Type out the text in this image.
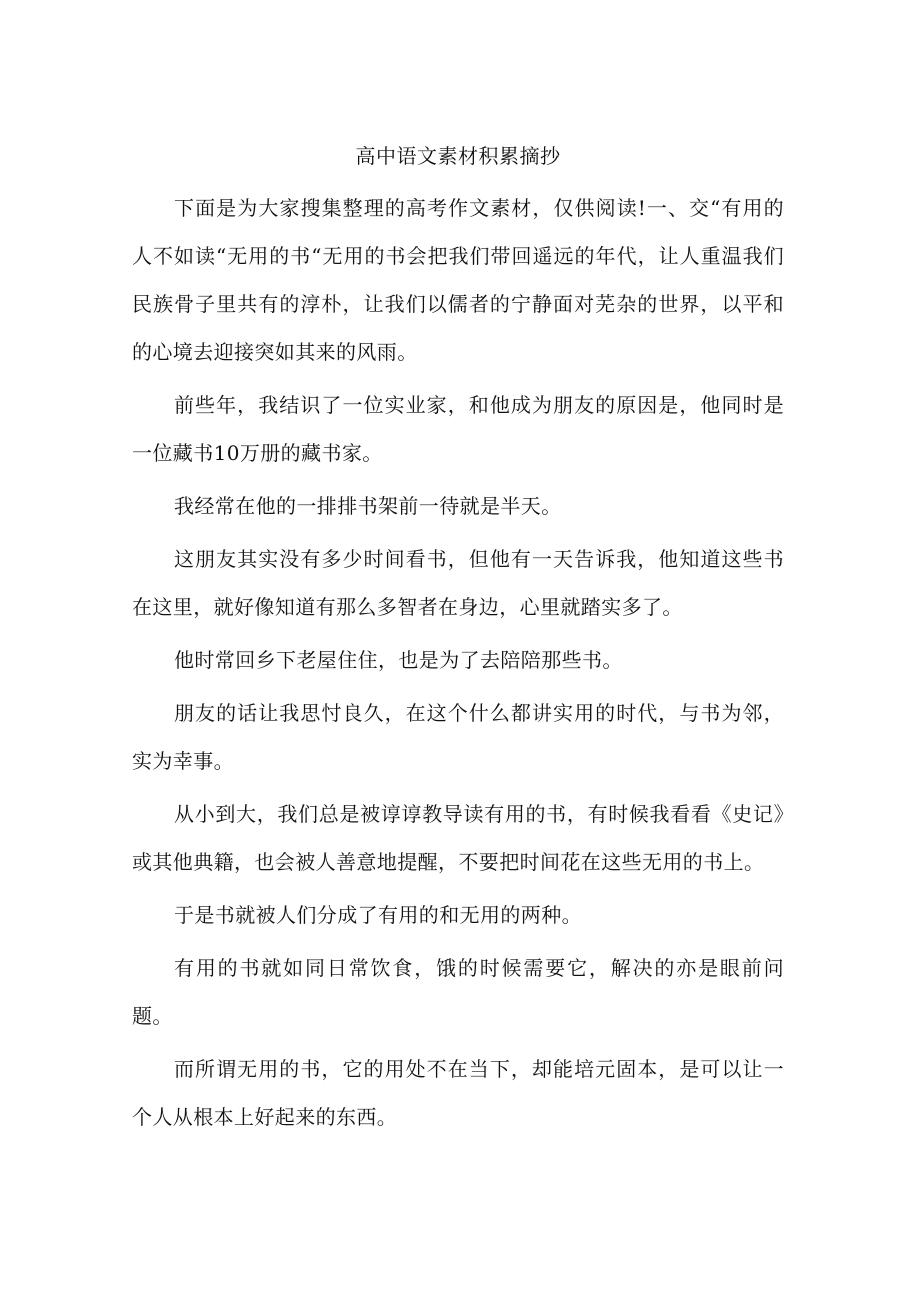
高中语文素材积累摘抄

下面是为大家搜集整理的高考作文素材，仅供阅读!一、交“有用的人不如读“无用的书“无用的书会把我们带回遥远的年代，让人重温我们民族骨子里共有的淳朴，让我们以儒者的宁静面对芜杂的世界，以平和的心境去迎接突如其来的风雨。

前些年，我结识了一位实业家，和他成为朋友的原因是，他同时是一位藏书10万册的藏书家。

我经常在他的一排排书架前一待就是半天。

这朋友其实没有多少时间看书，但他有一天告诉我，他知道这些书在这里，就好像知道有那么多智者在身边，心里就踏实多了。

他时常回乡下老屋住住，也是为了去陪陪那些书。

朋友的话让我思忖良久，在这个什么都讲实用的时代，与书为邻，实为幸事。

从小到大，我们总是被谆谆教导读有用的书，有时候我看看《史记》或其他典籍，也会被人善意地提醒，不要把时间花在这些无用的书上。

于是书就被人们分成了有用的和无用的两种。

有用的书就如同日常饮食，饿的时候需要它，解决的亦是眼前问题。

而所谓无用的书，它的用处不在当下，却能培元固本，是可以让一个人从根本上好起来的东西。
